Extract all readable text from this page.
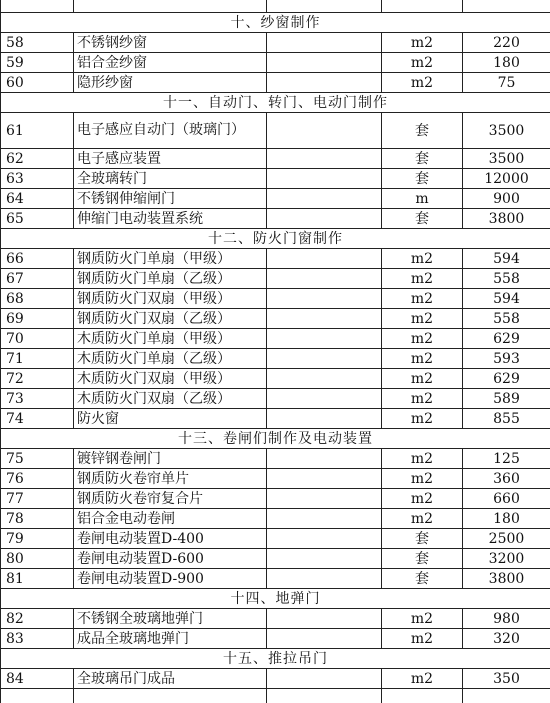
十、纱窗制作				
58	不锈钢纱窗		m2	220
59	铝合金纱窗		m2	180
60	隐形纱窗		m2	75
十一、自动门、转门、电动门制作				
61	电子感应自动门（玻璃门）		套	3500
62	电子感应装置		套	3500
63	全玻璃转门		套	12000
64	不锈钢伸缩闸门		m	900
65	伸缩门电动装置系统		套	3800
十二、防火门窗制作				
66	钢质防火门单扇（甲级）		m2	594
67	钢质防火门单扇（乙级）		m2	558
68	钢质防火门双扇（甲级）		m2	594
69	钢质防火门双扇（乙级）		m2	558
70	木质防火门单扇（甲级）		m2	629
71	木质防火门单扇（乙级）		m2	593
72	木质防火门双扇（甲级）		m2	629
73	木质防火门双扇（乙级）		m2	589
74	防火窗		m2	855
十三、卷闸们制作及电动装置				
75	镀锌钢卷闸门		m2	125
76	钢质防火卷帘单片		m2	360
77	钢质防火卷帘复合片		m2	660
78	铝合金电动卷闸		m2	180
79	卷闸电动装置D-400		套	2500
80	卷闸电动装置D-600		套	3200
81	卷闸电动装置D-900		套	3800
十四、地弹门				
82	不锈钢全玻璃地弹门		m2	980
83	成品全玻璃地弹门		m2	320
十五、推拉吊门				
84	全玻璃吊门成品		m2	350
